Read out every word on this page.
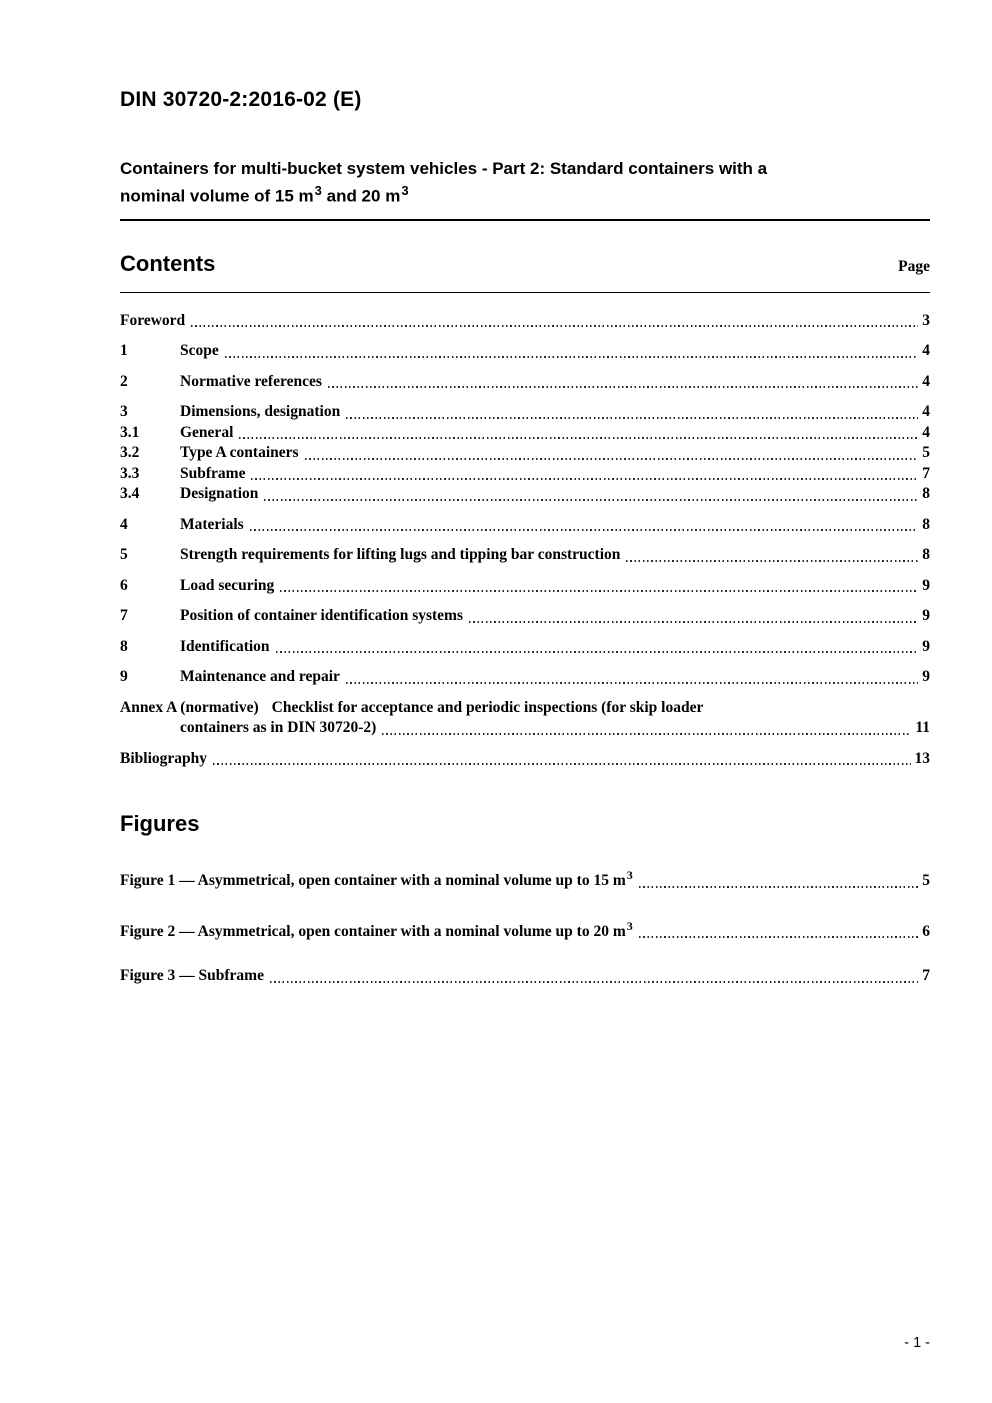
DIN 30720-2:2016-02 (E)
Containers for multi-bucket system vehicles - Part 2: Standard containers with a
nominal volume of 15 $m^3$ and 20 $m^3$
Contents	Page
Foreword	3
1	Scope	4
2	Normative references	4
3	Dimensions, designation	4
3.1	General	4
3.2	Type A containers	5
3.3	Subframe	7
3.4	Designation	8
4	Materials	8
5	Strength requirements for lifting lugs and tipping bar construction	8
6	Load securing	9
7	Position of container identification systems	9
8	Identification	9
9	Maintenance and repair	9
Annex A (normative) Checklist for acceptance and periodic inspections (for skip loader
containers as in DIN 30720-2)	11
Bibliography	13
Figures
Figure 1 — Asymmetrical, open container with a nominal volume up to 15 $m^3$	5
Figure 2 — Asymmetrical, open container with a nominal volume up to 20 $m^3$	6
Figure 3 — Subframe	7
- 1 -
